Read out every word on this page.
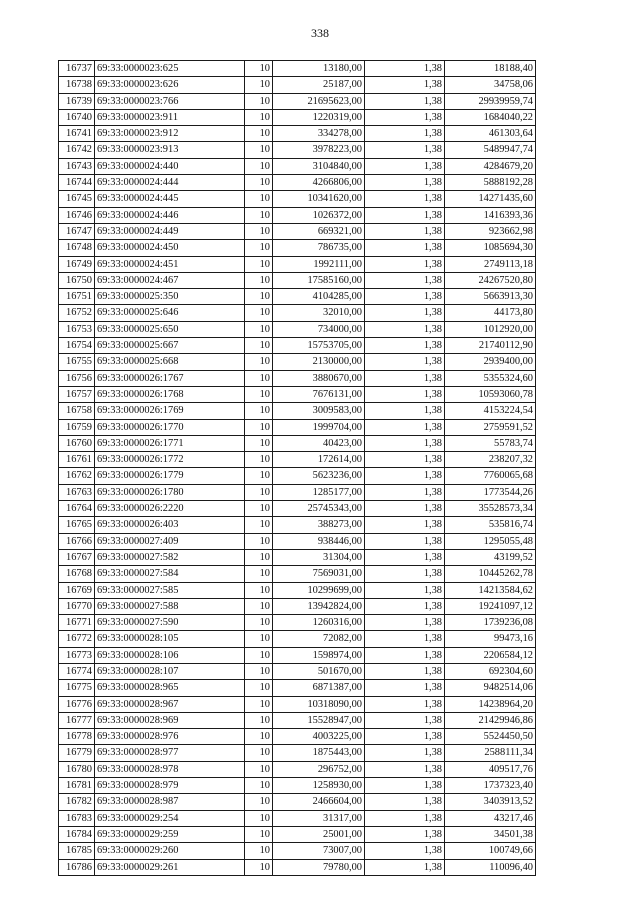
338
16737	69:33:0000023:625	10	13180,00	1,38	18188,40
16738	69:33:0000023:626	10	25187,00	1,38	34758,06
16739	69:33:0000023:766	10	21695623,00	1,38	29939959,74
16740	69:33:0000023:911	10	1220319,00	1,38	1684040,22
16741	69:33:0000023:912	10	334278,00	1,38	461303,64
16742	69:33:0000023:913	10	3978223,00	1,38	5489947,74
16743	69:33:0000024:440	10	3104840,00	1,38	4284679,20
16744	69:33:0000024:444	10	4266806,00	1,38	5888192,28
16745	69:33:0000024:445	10	10341620,00	1,38	14271435,60
16746	69:33:0000024:446	10	1026372,00	1,38	1416393,36
16747	69:33:0000024:449	10	669321,00	1,38	923662,98
16748	69:33:0000024:450	10	786735,00	1,38	1085694,30
16749	69:33:0000024:451	10	1992111,00	1,38	2749113,18
16750	69:33:0000024:467	10	17585160,00	1,38	24267520,80
16751	69:33:0000025:350	10	4104285,00	1,38	5663913,30
16752	69:33:0000025:646	10	32010,00	1,38	44173,80
16753	69:33:0000025:650	10	734000,00	1,38	1012920,00
16754	69:33:0000025:667	10	15753705,00	1,38	21740112,90
16755	69:33:0000025:668	10	2130000,00	1,38	2939400,00
16756	69:33:0000026:1767	10	3880670,00	1,38	5355324,60
16757	69:33:0000026:1768	10	7676131,00	1,38	10593060,78
16758	69:33:0000026:1769	10	3009583,00	1,38	4153224,54
16759	69:33:0000026:1770	10	1999704,00	1,38	2759591,52
16760	69:33:0000026:1771	10	40423,00	1,38	55783,74
16761	69:33:0000026:1772	10	172614,00	1,38	238207,32
16762	69:33:0000026:1779	10	5623236,00	1,38	7760065,68
16763	69:33:0000026:1780	10	1285177,00	1,38	1773544,26
16764	69:33:0000026:2220	10	25745343,00	1,38	35528573,34
16765	69:33:0000026:403	10	388273,00	1,38	535816,74
16766	69:33:0000027:409	10	938446,00	1,38	1295055,48
16767	69:33:0000027:582	10	31304,00	1,38	43199,52
16768	69:33:0000027:584	10	7569031,00	1,38	10445262,78
16769	69:33:0000027:585	10	10299699,00	1,38	14213584,62
16770	69:33:0000027:588	10	13942824,00	1,38	19241097,12
16771	69:33:0000027:590	10	1260316,00	1,38	1739236,08
16772	69:33:0000028:105	10	72082,00	1,38	99473,16
16773	69:33:0000028:106	10	1598974,00	1,38	2206584,12
16774	69:33:0000028:107	10	501670,00	1,38	692304,60
16775	69:33:0000028:965	10	6871387,00	1,38	9482514,06
16776	69:33:0000028:967	10	10318090,00	1,38	14238964,20
16777	69:33:0000028:969	10	15528947,00	1,38	21429946,86
16778	69:33:0000028:976	10	4003225,00	1,38	5524450,50
16779	69:33:0000028:977	10	1875443,00	1,38	2588111,34
16780	69:33:0000028:978	10	296752,00	1,38	409517,76
16781	69:33:0000028:979	10	1258930,00	1,38	1737323,40
16782	69:33:0000028:987	10	2466604,00	1,38	3403913,52
16783	69:33:0000029:254	10	31317,00	1,38	43217,46
16784	69:33:0000029:259	10	25001,00	1,38	34501,38
16785	69:33:0000029:260	10	73007,00	1,38	100749,66
16786	69:33:0000029:261	10	79780,00	1,38	110096,40
